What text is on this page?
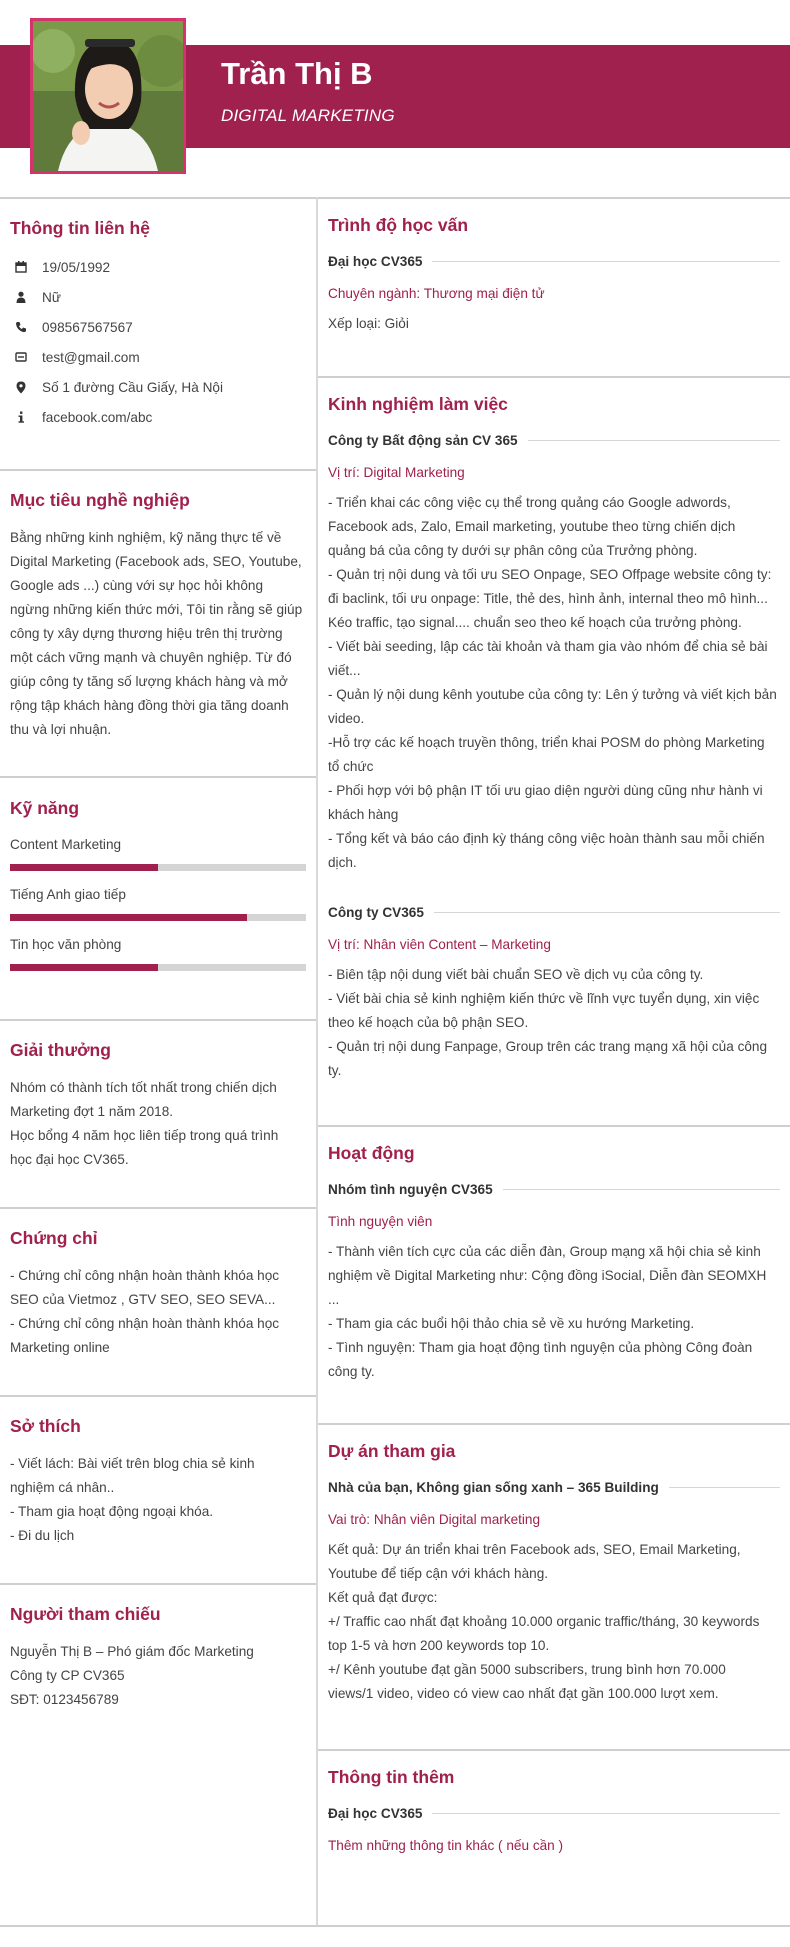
Trần Thị B
DIGITAL MARKETING
Thông tin liên hệ
19/05/1992
Nữ
098567567567
test@gmail.com
Số 1 đường Cầu Giấy, Hà Nội
facebook.com/abc
Mục tiêu nghề nghiệp
Bằng những kinh nghiệm, kỹ năng thực tế về
Digital Marketing (Facebook ads, SEO, Youtube,
Google ads ...) cùng với sự học hỏi không
ngừng những kiến thức mới, Tôi tin rằng sẽ giúp
công ty xây dựng thương hiệu trên thị trường
một cách vững mạnh và chuyên nghiệp. Từ đó
giúp công ty tăng số lượng khách hàng và mở
rộng tập khách hàng đồng thời gia tăng doanh
thu và lợi nhuận.
Kỹ năng
Content Marketing
Tiếng Anh giao tiếp
Tin học văn phòng
Giải thưởng
Nhóm có thành tích tốt nhất trong chiến dịch
Marketing đợt 1 năm 2018.
Học bổng 4 năm học liên tiếp trong quá trình
học đại học CV365.
Chứng chỉ
- Chứng chỉ công nhận hoàn thành khóa học
SEO của Vietmoz , GTV SEO, SEO SEVA...
- Chứng chỉ công nhận hoàn thành khóa học
Marketing online
Sở thích
- Viết lách: Bài viết trên blog chia sẻ kinh
nghiệm cá nhân..
- Tham gia hoạt động ngoại khóa.
- Đi du lịch
Người tham chiếu
Nguyễn Thị B – Phó giám đốc Marketing
Công ty CP CV365
SĐT: 0123456789
Trình độ học vấn
Đại học CV365
Chuyên ngành: Thương mại điện tử
Xếp loại: Giỏi
Kinh nghiệm làm việc
Công ty Bất động sản CV 365
Vị trí: Digital Marketing
- Triển khai các công việc cụ thể trong quảng cáo Google adwords,
Facebook ads, Zalo, Email marketing, youtube theo từng chiến dịch
quảng bá của công ty dưới sự phân công của Trưởng phòng.
- Quản trị nội dung và tối ưu SEO Onpage, SEO Offpage website công ty:
đi baclink, tối ưu onpage: Title, thẻ des, hình ảnh, internal theo mô hình...
Kéo traffic, tạo signal.... chuẩn seo theo kế hoạch của trưởng phòng.
- Viết bài seeding, lập các tài khoản và tham gia vào nhóm để chia sẻ bài
viết...
- Quản lý nội dung kênh youtube của công ty: Lên ý tưởng và viết kịch bản
video.
-Hỗ trợ các kế hoạch truyền thông, triển khai POSM do phòng Marketing
tổ chức
- Phối hợp với bộ phận IT tối ưu giao diện người dùng cũng như hành vi
khách hàng
- Tổng kết và báo cáo định kỳ tháng công việc hoàn thành sau mỗi chiến
dịch.
Công ty CV365
Vị trí: Nhân viên Content – Marketing
- Biên tập nội dung viết bài chuẩn SEO về dịch vụ của công ty.
- Viết bài chia sẻ kinh nghiệm kiến thức về lĩnh vực tuyển dụng, xin việc
theo kế hoạch của bộ phận SEO.
- Quản trị nội dung Fanpage, Group trên các trang mạng xã hội của công
ty.
Hoạt động
Nhóm tình nguyện CV365
Tình nguyện viên
- Thành viên tích cực của các diễn đàn, Group mạng xã hội chia sẻ kinh
nghiệm về Digital Marketing như: Cộng đồng iSocial, Diễn đàn SEOMXH
...
- Tham gia các buổi hội thảo chia sẻ về xu hướng Marketing.
- Tình nguyện: Tham gia hoạt động tình nguyện của phòng Công đoàn
công ty.
Dự án tham gia
Nhà của bạn, Không gian sống xanh – 365 Building
Vai trò: Nhân viên Digital marketing
Kết quả: Dự án triển khai trên Facebook ads, SEO, Email Marketing,
Youtube để tiếp cận với khách hàng.
Kết quả đạt được:
+/ Traffic cao nhất đạt khoảng 10.000 organic traffic/tháng, 30 keywords
top 1-5 và hơn 200 keywords top 10.
+/ Kênh youtube đạt gần 5000 subscribers, trung bình hơn 70.000
views/1 video, video có view cao nhất đạt gần 100.000 lượt xem.
Thông tin thêm
Đại học CV365
Thêm những thông tin khác ( nếu cần )
